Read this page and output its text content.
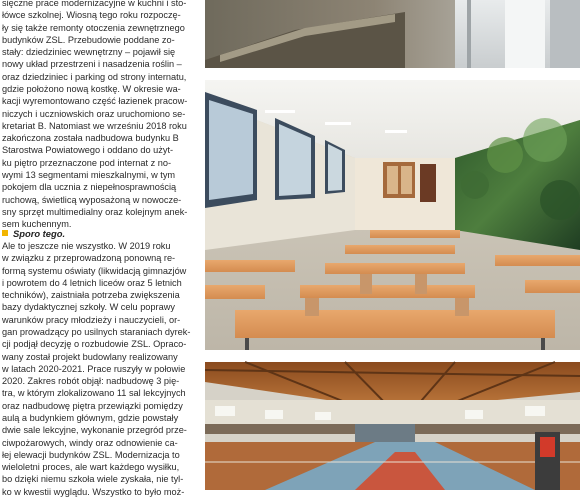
sięczne prace modernizacyjne w kuchni i sto-
łówce szkolnej. Wiosną tego roku rozpoczę-
ły się także remonty otoczenia zewnętrznego
budynków ZSL. Przebudowie poddane zo-
stały: dziedziniec wewnętrzny – pojawił się
nowy układ przestrzeni i nasadzenia roślin –
oraz dziedziniec i parking od strony internatu,
gdzie położono nową kostkę. W okresie wa-
kacji wyremontowano część łazienek pracow-
niczych i uczniowskich oraz uruchomiono se-
kretariat B. Natomiast we wrześniu 2018 roku
zakończona została nadbudowa budynku B
Starostwa Powiatowego i oddano do użyt-
ku piętro przeznaczone pod internat z no-
wymi 13 segmentami mieszkalnymi, w tym
pokojem dla ucznia z niepełnosprawnością
ruchową, świetlicą wyposażoną w nowocze-
sny sprzęt multimedialny oraz kolejnym anek-
sem kuchennym.
Sporo tego.
Ale to jeszcze nie wszystko. W 2019 roku
w związku z przeprowadzoną ponowną re-
formą systemu oświaty (likwidacją gimnazjów
i powrotem do 4 letnich liceów oraz 5 letnich
techników), zaistniała potrzeba zwiększenia
bazy dydaktycznej szkoły. W celu poprawy
warunków pracy młodzieży i nauczycieli, or-
gan prowadzący po usilnych staraniach dyrek-
cji podjął decyzję o rozbudowie ZSL. Opraco-
wany został projekt budowlany realizowany
w latach 2020-2021. Prace ruszyły w połowie
2020. Zakres robót objął: nadbudowę 3 pię-
tra, w którym zlokalizowano 11 sal lekcyjnych
oraz nadbudowę piętra przewiązki pomiędzy
aulą a budynkiem głównym, gdzie powstały
dwie sale lekcyjne, wykonanie przegród prze-
ciwpożarowych, windy oraz odnowienie ca-
łej elewacji budynków ZSL. Modernizacja to
wieloletni proces, ale wart każdego wysiłku,
bo dzięki niemu szkoła wiele zyskała, nie tyl-
ko w kwestii wyglądu. Wszystko to było moż-
